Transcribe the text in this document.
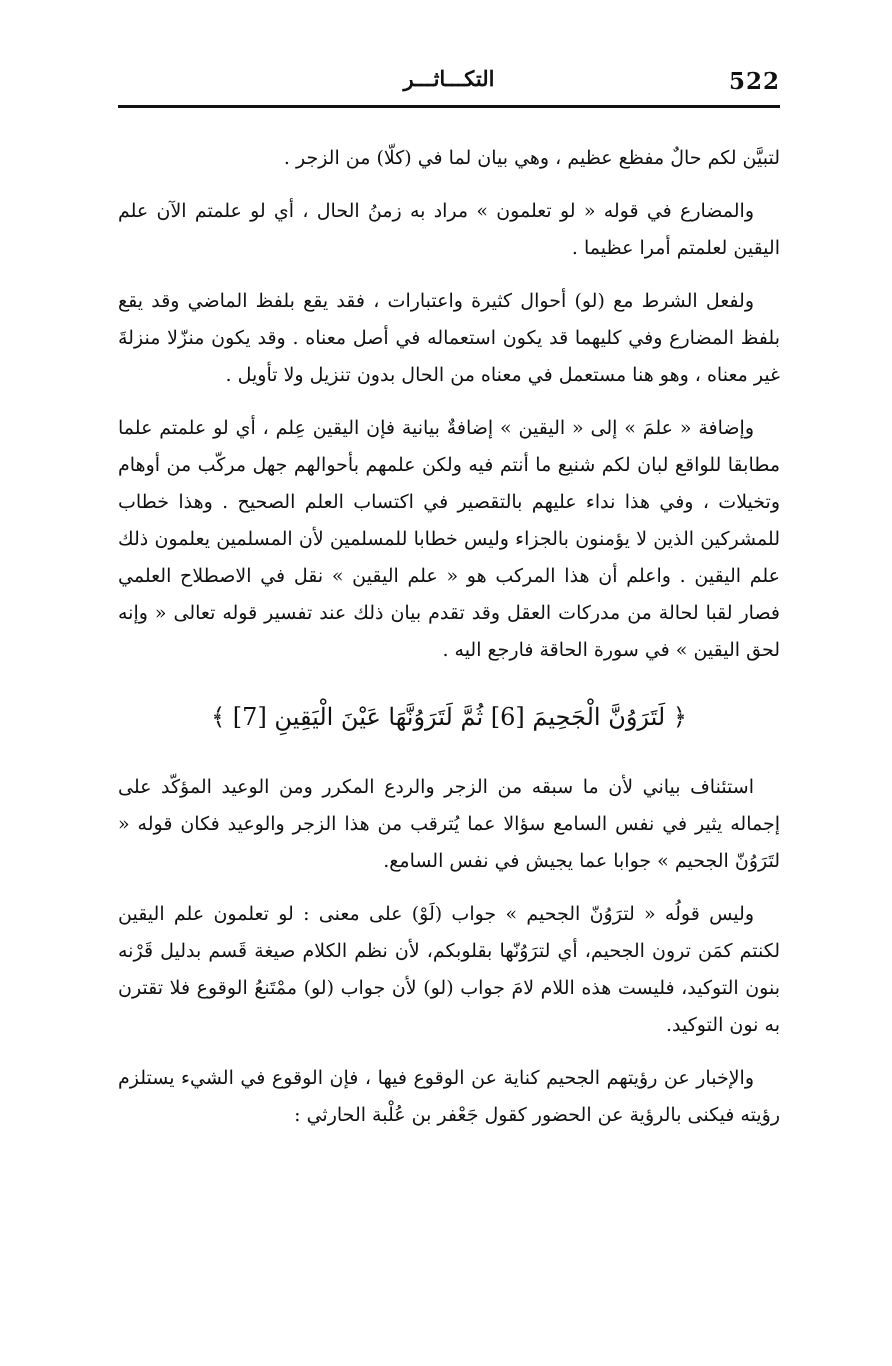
522
التكـــاثـــر

لتبيَّن لكم حالٌ مفظع عظيم ، وهي بيان لما في (كلّا) من الزجر .

والمضارع في قوله « لو تعلمون » مراد به زمنُ الحال ، أي لو علمتم الآن علم اليقين لعلمتم أمرا عظيما .

ولفعل الشرط مع (لو) أحوال كثيرة واعتبارات ، فقد يقع بلفظ الماضي وقد يقع بلفظ المضارع وفي كليهما قد يكون استعماله في أصل معناه . وقد يكون منزّلا منزلةَ غير معناه ، وهو هنا مستعمل في معناه من الحال بدون تنزيل ولا تأويل .

وإضافة « علمَ » إلى « اليقين » إضافةٌ بيانية فإن اليقين عِلم ، أي لو علمتم علما مطابقا للواقع لبان لكم شنيع ما أنتم فيه ولكن علمهم بأحوالهم جهل مركّب من أوهام وتخيلات ، وفي هذا نداء عليهم بالتقصير في اكتساب العلم الصحيح . وهذا خطاب للمشركين الذين لا يؤمنون بالجزاء وليس خطابا للمسلمين لأن المسلمين يعلمون ذلك علم اليقين . واعلم أن هذا المركب هو « علم اليقين » نقل في الاصطلاح العلمي فصار لقبا لحالة من مدركات العقل وقد تقدم بيان ذلك عند تفسير قوله تعالى « وإنه لحق اليقين » في سورة الحاقة فارجع اليه .

﴿ لَتَرَوُنَّ الْجَحِيمَ [6] ثُمَّ لَتَرَوُنَّهَا عَيْنَ الْيَقِينِ [7] ﴾

استئناف بياني لأن ما سبقه من الزجر والردع المكرر ومن الوعيد المؤكّد على إجماله يثير في نفس السامع سؤالا عما يُترقب من هذا الزجر والوعيد فكان قوله « لتَرَوُنّ الجحيم » جوابا عما يجيش في نفس السامع.

وليس قولُه « لترَوُنّ الجحيم » جواب (لَوْ) على معنى : لو تعلمون علم اليقين لكنتم كمَن ترون الجحيم، أي لترَوُنّها بقلوبكم، لأن نظم الكلام صيغة قَسم بدليل قَرْنه بنون التوكيد، فليست هذه اللام لامَ جواب (لو) لأن جواب (لو) ممْتَنعُ الوقوع فلا تقترن به نون التوكيد.

والإخبار عن رؤيتهم الجحيم كناية عن الوقوع فيها ، فإن الوقوع في الشيء يستلزم رؤيته فيكنى بالرؤية عن الحضور كقول جَعْفر بن عُلْبة الحارثي :
